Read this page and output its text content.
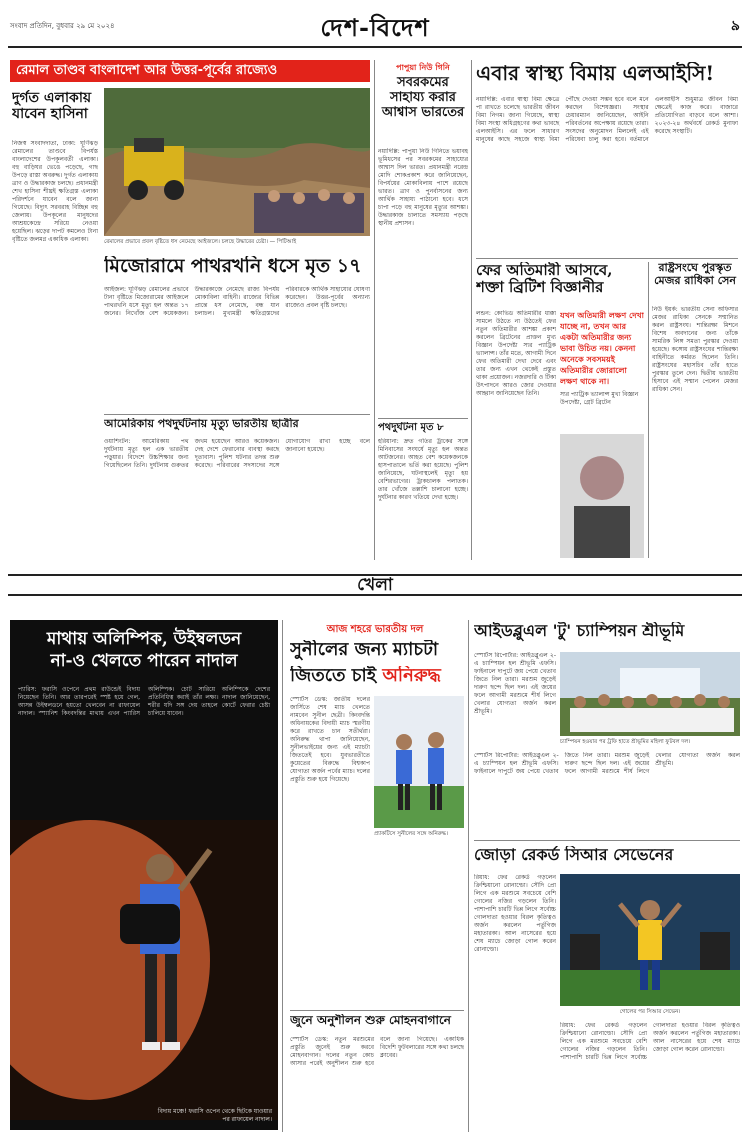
সংবাদ প্রতিদিন, বুধবার ২৯ মে ২০২৪	দেশ-বিদেশ	৯
রেমাল তাণ্ডব বাংলাদেশ আর উত্তর-পূর্বের রাজ্যেও
দুর্গত এলাকায় যাবেন হাসিনা
নিজস্ব সংবাদদাতা, ঢাকা: ঘূর্ণিঝড় রেমালের তাণ্ডবে বিপর্যস্ত বাংলাদেশের উপকূলবর্তী এলাকা। বহু বাড়িঘর ভেঙে পড়েছে, গাছ উপড়ে রাস্তা অবরুদ্ধ। দুর্গত এলাকায় ত্রাণ ও উদ্ধারকাজ চলছে। প্রধানমন্ত্রী শেখ হাসিনা শীঘ্রই ক্ষতিগ্রস্ত এলাকা পরিদর্শনে যাবেন বলে জানা গিয়েছে। বিদ্যুৎ সরবরাহ বিচ্ছিন্ন বহু জেলায়। উপকূলের মানুষদের আশ্রয়কেন্দ্রে সরিয়ে নেওয়া হয়েছিল। ঝড়ের দাপট কমলেও টানা বৃষ্টিতে জলমগ্ন একাধিক এলাকা।	রেমালের প্রভাবে প্রবল বৃষ্টিতে ধস নেমেছে আইজলে। চলছে উদ্ধারের চেষ্টা। — পিটিআই
মিজোরামে পাথরখনি ধসে মৃত ১৭
আইজল: ঘূর্ণিঝড় রেমালের প্রভাবে টানা বৃষ্টিতে মিজোরামের আইজলে পাথরখনি ধসে মৃত্যু হল অন্তত ১৭ জনের। নিখোঁজ বেশ কয়েকজন। উদ্ধারকাজে নেমেছে রাজ্য বিপর্যয় মোকাবিলা বাহিনী। রাজ্যের বিভিন্ন প্রান্তে ধস নেমেছে, বন্ধ যান চলাচল। মুখ্যমন্ত্রী ক্ষতিগ্রস্তদের পরিবারকে আর্থিক সাহায্যের ঘোষণা করেছেন। উত্তর-পূর্বের অন্যান্য রাজ্যেও প্রবল বৃষ্টি চলছে।
আমেরিকায় পথদুর্ঘটনায় মৃত্যু ভারতীয় ছাত্রীর
ওয়াশিংটন: আমেরিকায় পথ দুর্ঘটনায় মৃত্যু হল এক ভারতীয় পড়ুয়ার। বিদেশে উচ্চশিক্ষার জন্য গিয়েছিলেন তিনি। দুর্ঘটনায় গুরুতর জখম হয়েছেন আরও কয়েকজন। দেহ দেশে ফেরানোর ব্যবস্থা করছে দূতাবাস। পুলিশ ঘটনার তদন্ত শুরু করেছে। পরিবারের সদস্যদের সঙ্গে যোগাযোগ রাখা হচ্ছে বলে জানানো হয়েছে।
পাপুয়া নিউ গিনি
সবরকমের সাহায্য করার আশ্বাস ভারতের
নয়াদিল্লি: পাপুয়া নিউ গিনিতে ভয়াবহ ভূমিধসের পর সবরকমের সাহায্যের আশ্বাস দিল ভারত। প্রধানমন্ত্রী নরেন্দ্র মোদি শোকপ্রকাশ করে জানিয়েছেন, বিপর্যয়ের মোকাবিলায় পাশে রয়েছে ভারত। ত্রাণ ও পুনর্বাসনের জন্য আর্থিক সাহায্য পাঠানো হবে। ধসে চাপা পড়ে বহু মানুষের মৃত্যুর আশঙ্কা। উদ্ধারকাজ চালাতে সমস্যায় পড়ছে স্থানীয় প্রশাসন।
পথদুর্ঘটনা মৃত ৮
হরিয়ানা: দ্রুত গতির ট্রাকের সঙ্গে মিনিবাসের সংঘর্ষে মৃত্যু হল অন্তত আটজনের। আহত বেশ কয়েকজনকে হাসপাতালে ভর্তি করা হয়েছে। পুলিশ জানিয়েছে, ঘটনাস্থলেই মৃত্যু হয় বেশিরভাগের। ট্রাকচালক পলাতক। তার খোঁজে তল্লাশি চালানো হচ্ছে। দুর্ঘটনার কারণ খতিয়ে দেখা হচ্ছে।
এবার স্বাস্থ্য বিমায় এলআইসি!
নয়াদিল্লি: এবার স্বাস্থ্য বিমা ক্ষেত্রে পা রাখতে চলেছে ভারতীয় জীবন বিমা নিগম। জানা গিয়েছে, স্বাস্থ্য বিমা সংস্থা অধিগ্রহণের কথা ভাবছে এলআইসি। এর ফলে সাধারণ মানুষের কাছে সহজে স্বাস্থ্য বিমা পৌঁছে দেওয়া সম্ভব হবে বলে মনে করছেন বিশেষজ্ঞরা। সংস্থার চেয়ারম্যান জানিয়েছেন, আইনি পরিবর্তনের অপেক্ষায় রয়েছে তারা। সংসদের অনুমোদন মিললেই এই পরিষেবা চালু করা হবে। বর্তমানে এলআইসি শুধুমাত্র জীবন বিমা ক্ষেত্রেই কাজ করে। বাজারে প্রতিযোগিতা বাড়বে বলে আশা। ২০২৩-২৪ অর্থবর্ষে রেকর্ড মুনাফা করেছে সংস্থাটি।
ফের অতিমারী আসবে, শক্তা ব্রিটিশ বিজ্ঞানীর
লন্ডন: কোভিড অতিমারীর ধাক্কা সামলে উঠতে না উঠতেই ফের নতুন অতিমারীর আশঙ্কা প্রকাশ করলেন ব্রিটেনের প্রাক্তন মুখ্য বিজ্ঞান উপদেষ্টা স্যর প্যাট্রিক ভ্যালান্স। তাঁর মতে, আগামী দিনে ফের অতিমারী দেখা দেবে এবং তার জন্য এখন থেকেই প্রস্তুত থাকা প্রয়োজন। নজরদারি ও টিকা উৎপাদনে আরও জোর দেওয়ার আহ্বান জানিয়েছেন তিনি।
যখন অতিমারী লক্ষণ দেখা যাচ্ছে না, তখন আর একটা অতিমারীর জন্য ভাবা উচিত নয়। কেননা অনেকে সবসময়ই অতিমারীর জোরালো লক্ষণ থাকে না।
স্যর প্যাট্রিক ভ্যালান্স মুখ্য বিজ্ঞান উপদেষ্টা, গ্রেট ব্রিটেন
রাষ্ট্রসংঘে পুরস্কৃত মেজর রাধিকা সেন
নিউ ইয়র্ক: ভারতীয় সেনা অফিসার মেজর রাধিকা সেনকে সম্মানিত করল রাষ্ট্রসংঘ। শান্তিরক্ষা মিশনে বিশেষ অবদানের জন্য তাঁকে সামরিক লিঙ্গ সমতা পুরস্কার দেওয়া হয়েছে। কঙ্গোয় রাষ্ট্রসংঘের শান্তিরক্ষা বাহিনীতে কর্মরত ছিলেন তিনি। রাষ্ট্রসংঘের মহাসচিব তাঁর হাতে পুরস্কার তুলে দেন। দ্বিতীয় ভারতীয় হিসাবে এই সম্মান পেলেন মেজর রাধিকা সেন।
খেলা
মাথায় অলিম্পিক, উইম্বলডন
না-ও খেলতে পারেন নাদাল
প্যারিস: ফরাসি ওপেনে প্রথম রাউন্ডেই বিদায় নিয়েছেন তিনি। আর তারপরেই স্পষ্ট হয়ে গেল, আসন্ন উইম্বলডনে হয়তো খেলবেন না রাফায়েল নাদাল। স্প্যানিশ কিংবদন্তির মাথায় এখন প্যারিস অলিম্পিক। চোট সারিয়ে অলিম্পিকে দেশের প্রতিনিধিত্ব করাই তাঁর লক্ষ্য। নাদাল জানিয়েছেন, শরীর যদি সঙ্গ দেয় তাহলে কোর্টে ফেরার চেষ্টা চালিয়ে যাবেন।
বিদায় মঞ্চে! ফরাসি ওপেন থেকে ছিটকে যাওয়ার পর রাফায়েল নাদাল।
আজ শহরে ভারতীয় দল
সুনীলের জন্য ম্যাচটা
জিততে চাই অনিরুদ্ধ
স্পোর্টস ডেস্ক: জাতীয় দলের জার্সিতে শেষ ম্যাচ খেলতে নামবেন সুনীল ছেত্রী। কিংবদন্তি অধিনায়কের বিদায়ী ম্যাচ স্মরণীয় করে রাখতে চান সতীর্থরা। অনিরুদ্ধ থাপা জানিয়েছেন, সুনীলভাইয়ের জন্য এই ম্যাচটা জিততেই হবে। যুবভারতীতে কুয়েতের বিরুদ্ধে বিশ্বকাপ যোগ্যতা অর্জন পর্বের ম্যাচ। দলের প্রস্তুতি শুরু হয়ে গিয়েছে।
প্র্যাকটিসে সুনীলের সঙ্গে অনিরুদ্ধ।
জুনে অনুশীলন শুরু মোহনবাগানে
স্পোর্টস ডেস্ক: নতুন মরশুমের প্রস্তুতি জুনেই শুরু করবে মোহনবাগান। দলের নতুন কোচ আসার পরেই অনুশীলন শুরু হবে বলে জানা গিয়েছে। একাধিক বিদেশি ফুটবলারের সঙ্গে কথা চলছে ক্লাবের।
আইডব্লুএল 'টু' চ্যাম্পিয়ন শ্রীভূমি
স্পোর্টস রিপোর্টার: আইডব্লুএল ২-এ চ্যাম্পিয়ন হল শ্রীভূমি এফসি। ফাইনালে দাপুটে জয় পেয়ে খেতাব জিতে নিল তারা। মরশুম জুড়েই দারুণ ছন্দে ছিল দল। এই জয়ের ফলে আগামী মরশুমে শীর্ষ লিগে খেলার যোগ্যতা অর্জন করল শ্রীভূমি।
চ্যাম্পিয়ন হওয়ার পর ট্রফি হাতে শ্রীভূমির মহিলা ফুটবল দল।
স্পোর্টস রিপোর্টার: আইডব্লুএল ২-এ চ্যাম্পিয়ন হল শ্রীভূমি এফসি। ফাইনালে দাপুটে জয় পেয়ে খেতাব জিতে নিল তারা। মরশুম জুড়েই দারুণ ছন্দে ছিল দল। এই জয়ের ফলে আগামী মরশুমে শীর্ষ লিগে খেলার যোগ্যতা অর্জন করল শ্রীভূমি।
জোড়া রেকর্ড সিআর সেভেনের
রিয়াধ: ফের রেকর্ড গড়লেন ক্রিশ্চিয়ানো রোনাল্ডো। সৌদি প্রো লিগে এক মরশুমে সবচেয়ে বেশি গোলের নজির গড়লেন তিনি। পাশাপাশি চারটি ভিন্ন লিগে সর্বোচ্চ গোলদাতা হওয়ার বিরল কৃতিত্বও অর্জন করলেন পর্তুগিজ মহাতারকা। আল নাসেরের হয়ে শেষ ম্যাচে জোড়া গোল করেন রোনাল্ডো।
গোলের পর সিআর সেভেন।
রিয়াধ: ফের রেকর্ড গড়লেন ক্রিশ্চিয়ানো রোনাল্ডো। সৌদি প্রো লিগে এক মরশুমে সবচেয়ে বেশি গোলের নজির গড়লেন তিনি। পাশাপাশি চারটি ভিন্ন লিগে সর্বোচ্চ গোলদাতা হওয়ার বিরল কৃতিত্বও অর্জন করলেন পর্তুগিজ মহাতারকা। আল নাসেরের হয়ে শেষ ম্যাচে জোড়া গোল করেন রোনাল্ডো।
